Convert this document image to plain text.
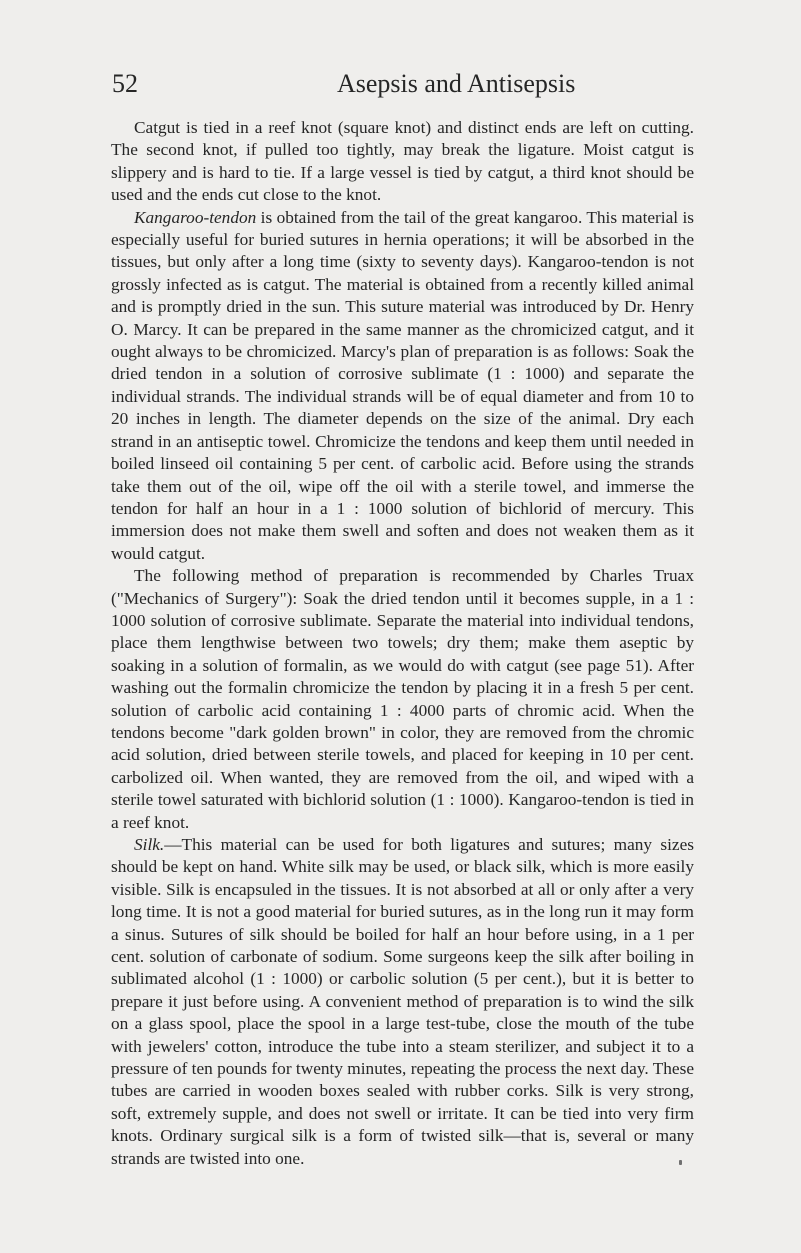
52	Asepsis and Antisepsis

Catgut is tied in a reef knot (square knot) and distinct ends are left on cutting. The second knot, if pulled too tightly, may break the ligature. Moist catgut is slippery and is hard to tie. If a large vessel is tied by catgut, a third knot should be used and the ends cut close to the knot.

Kangaroo-tendon is obtained from the tail of the great kangaroo. This material is especially useful for buried sutures in hernia operations; it will be absorbed in the tissues, but only after a long time (sixty to seventy days). Kangaroo-tendon is not grossly infected as is catgut. The material is obtained from a recently killed animal and is promptly dried in the sun. This suture material was introduced by Dr. Henry O. Marcy. It can be prepared in the same manner as the chromicized catgut, and it ought always to be chromicized. Marcy's plan of preparation is as follows: Soak the dried tendon in a solution of corrosive sublimate (1 : 1000) and separate the individual strands. The individual strands will be of equal diameter and from 10 to 20 inches in length. The diameter depends on the size of the animal. Dry each strand in an antiseptic towel. Chromicize the tendons and keep them until needed in boiled linseed oil containing 5 per cent. of carbolic acid. Before using the strands take them out of the oil, wipe off the oil with a sterile towel, and immerse the tendon for half an hour in a 1 : 1000 solution of bichlorid of mercury. This immersion does not make them swell and soften and does not weaken them as it would catgut.

The following method of preparation is recommended by Charles Truax ("Mechanics of Surgery"): Soak the dried tendon until it becomes supple, in a 1 : 1000 solution of corrosive sublimate. Separate the material into individual tendons, place them lengthwise between two towels; dry them; make them aseptic by soaking in a solution of formalin, as we would do with catgut (see page 51). After washing out the formalin chromicize the tendon by placing it in a fresh 5 per cent. solution of carbolic acid containing 1 : 4000 parts of chromic acid. When the tendons become "dark golden brown" in color, they are removed from the chromic acid solution, dried between sterile towels, and placed for keeping in 10 per cent. carbolized oil. When wanted, they are removed from the oil, and wiped with a sterile towel saturated with bichlorid solution (1 : 1000). Kangaroo-tendon is tied in a reef knot.

Silk.—This material can be used for both ligatures and sutures; many sizes should be kept on hand. White silk may be used, or black silk, which is more easily visible. Silk is encapsuled in the tissues. It is not absorbed at all or only after a very long time. It is not a good material for buried sutures, as in the long run it may form a sinus. Sutures of silk should be boiled for half an hour before using, in a 1 per cent. solution of carbonate of sodium. Some surgeons keep the silk after boiling in sublimated alcohol (1 : 1000) or carbolic solution (5 per cent.), but it is better to prepare it just before using. A convenient method of preparation is to wind the silk on a glass spool, place the spool in a large test-tube, close the mouth of the tube with jewelers' cotton, introduce the tube into a steam sterilizer, and subject it to a pressure of ten pounds for twenty minutes, repeating the process the next day. These tubes are carried in wooden boxes sealed with rubber corks. Silk is very strong, soft, extremely supple, and does not swell or irritate. It can be tied into very firm knots. Ordinary surgical silk is a form of twisted silk—that is, several or many strands are twisted into one.
